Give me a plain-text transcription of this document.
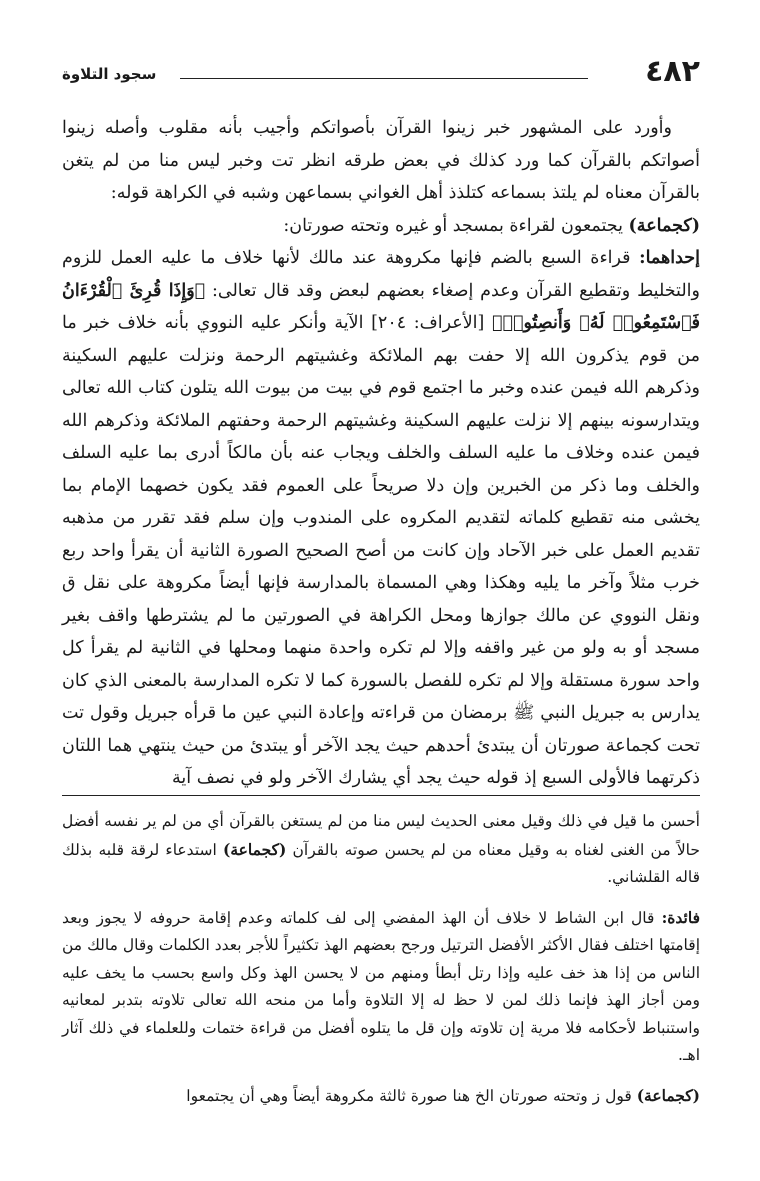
٤٨٢
سجود التلاوة

وأورد على المشهور خبر زينوا القرآن بأصواتكم وأجيب بأنه مقلوب وأصله زينوا أصواتكم بالقرآن كما ورد كذلك في بعض طرقه انظر تت وخبر ليس منا من لم يتغن بالقرآن معناه لم يلتذ بسماعه كتلذذ أهل الغواني بسماعهن وشبه في الكراهة قوله:

(كجماعة) يجتمعون لقراءة بمسجد أو غيره وتحته صورتان:

إحداهما: قراءة السبع بالضم فإنها مكروهة عند مالك لأنها خلاف ما عليه العمل للزوم والتخليط وتقطيع القرآن وعدم إصغاء بعضهم لبعض وقد قال تعالى: ﴿وَإِذَا قُرِئَ ٱلْقُرْءَانُ فَٱسْتَمِعُوا۟ لَهُۥ وَأَنصِتُوا۟﴾ [الأعراف: ٢٠٤] الآية وأنكر عليه النووي بأنه خلاف خبر ما من قوم يذكرون الله إلا حفت بهم الملائكة وغشيتهم الرحمة ونزلت عليهم السكينة وذكرهم الله فيمن عنده وخبر ما اجتمع قوم في بيت من بيوت الله يتلون كتاب الله تعالى ويتدارسونه بينهم إلا نزلت عليهم السكينة وغشيتهم الرحمة وحفتهم الملائكة وذكرهم الله فيمن عنده وخلاف ما عليه السلف والخلف ويجاب عنه بأن مالكاً أدرى بما عليه السلف والخلف وما ذكر من الخبرين وإن دلا صريحاً على العموم فقد يكون خصهما الإمام بما يخشى منه تقطيع كلماته لتقديم المكروه على المندوب وإن سلم فقد تقرر من مذهبه تقديم العمل على خبر الآحاد وإن كانت من أصح الصحيح الصورة الثانية أن يقرأ واحد ربع خرب مثلاً وآخر ما يليه وهكذا وهي المسماة بالمدارسة فإنها أيضاً مكروهة على نقل ق ونقل النووي عن مالك جوازها ومحل الكراهة في الصورتين ما لم يشترطها واقف بغير مسجد أو به ولو من غير واقفه وإلا لم تكره واحدة منهما ومحلها في الثانية لم يقرأ كل واحد سورة مستقلة وإلا لم تكره للفصل بالسورة كما لا تكره المدارسة بالمعنى الذي كان يدارس به جبريل النبي ﷺ برمضان من قراءته وإعادة النبي عين ما قرأه جبريل وقول تت تحت كجماعة صورتان أن يبتدئ أحدهم حيث يجد الآخر أو يبتدئ من حيث ينتهي هما اللتان ذكرتهما فالأولى السبع إذ قوله حيث يجد أي يشارك الآخر ولو في نصف آية

أحسن ما قيل في ذلك وقيل معنى الحديث ليس منا من لم يستغن بالقرآن أي من لم ير نفسه أفضل حالاً من الغنى لغناه به وقيل معناه من لم يحسن صوته بالقرآن (كجماعة) استدعاء لرقة قلبه بذلك قاله القلشاني.

فائدة: قال ابن الشاط لا خلاف أن الهذ المفضي إلى لف كلماته وعدم إقامة حروفه لا يجوز وبعد إقامتها اختلف فقال الأكثر الأفضل الترتيل ورجح بعضهم الهذ تكثيراً للأجر بعدد الكلمات وقال مالك من الناس من إذا هذ خف عليه وإذا رتل أبطأ ومنهم من لا يحسن الهذ وكل واسع بحسب ما يخف عليه ومن أجاز الهذ فإنما ذلك لمن لا حظ له إلا التلاوة وأما من منحه الله تعالى تلاوته بتدبر لمعانيه واستنباط لأحكامه فلا مرية إن تلاوته وإن قل ما يتلوه أفضل من قراءة ختمات وللعلماء في ذلك آثار اهـ.

(كجماعة) قول ز وتحته صورتان الخ هنا صورة ثالثة مكروهة أيضاً وهي أن يجتمعوا
